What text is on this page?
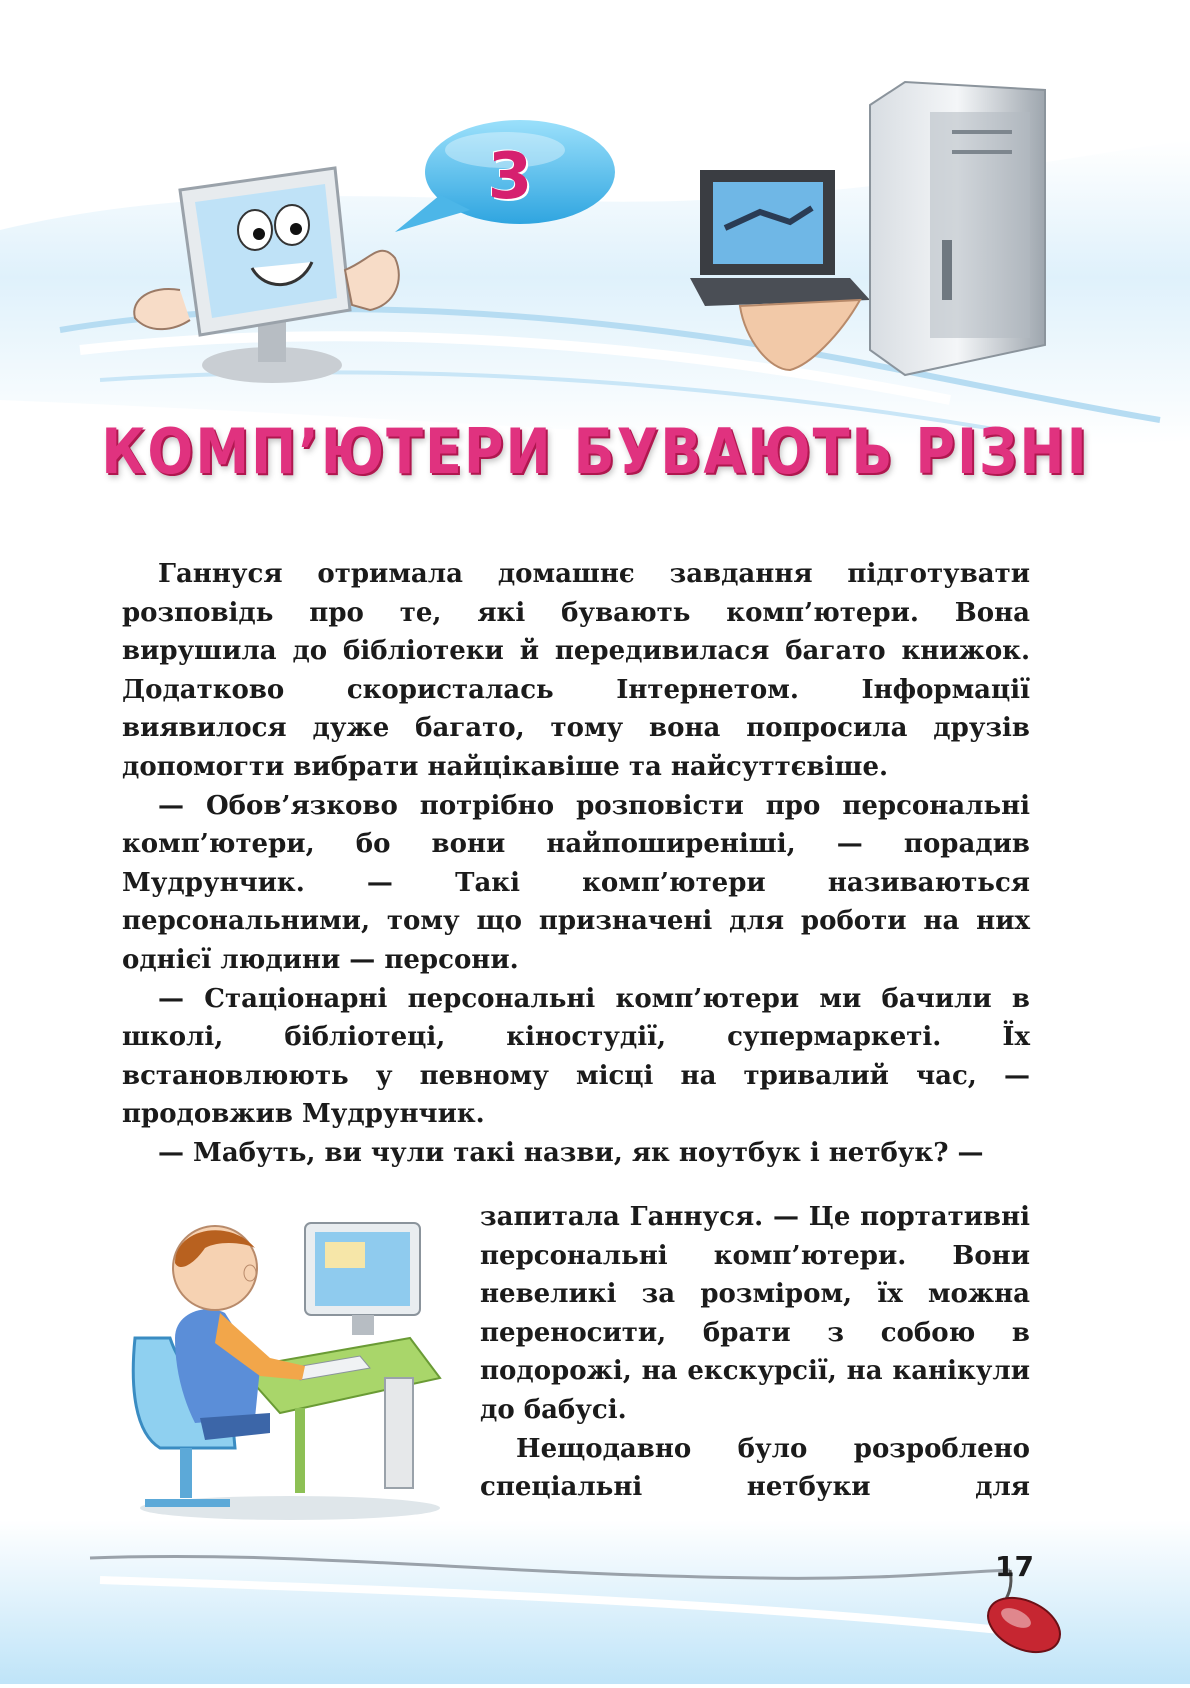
3
КОМП’ЮТЕРИ БУВАЮТЬ РІЗНІ

Ганнуся отримала домашнє завдання підготувати розповідь про те, які бувають комп’ютери. Вона вирушила до бібліотеки й передивилася багато книжок. Додатково скористалась Інтернетом. Інформації виявилося дуже багато, тому вона попросила друзів допомогти вибрати найцікавіше та найсуттєвіше.

— Обов’язково потрібно розповісти про персональні комп’ютери, бо вони найпоширеніші, — порадив Мудрунчик. — Такі комп’ютери називаються персональними, тому що призначені для роботи на них однієї людини — персони.

— Стаціонарні персональні комп’ютери ми бачили в школі, бібліотеці, кіностудії, супермаркеті. Їх встановлюють у певному місці на тривалий час, — продовжив Мудрунчик.

— Мабуть, ви чули такі назви, як ноутбук і нетбук? —

запитала Ганнуся. — Це портативні персональні комп’ютери. Вони невеликі за розміром, їх можна переносити, брати з собою в подорожі, на екскурсії, на канікули до бабусі.

Нещодавно було розроблено спеціальні нетбуки для

17
